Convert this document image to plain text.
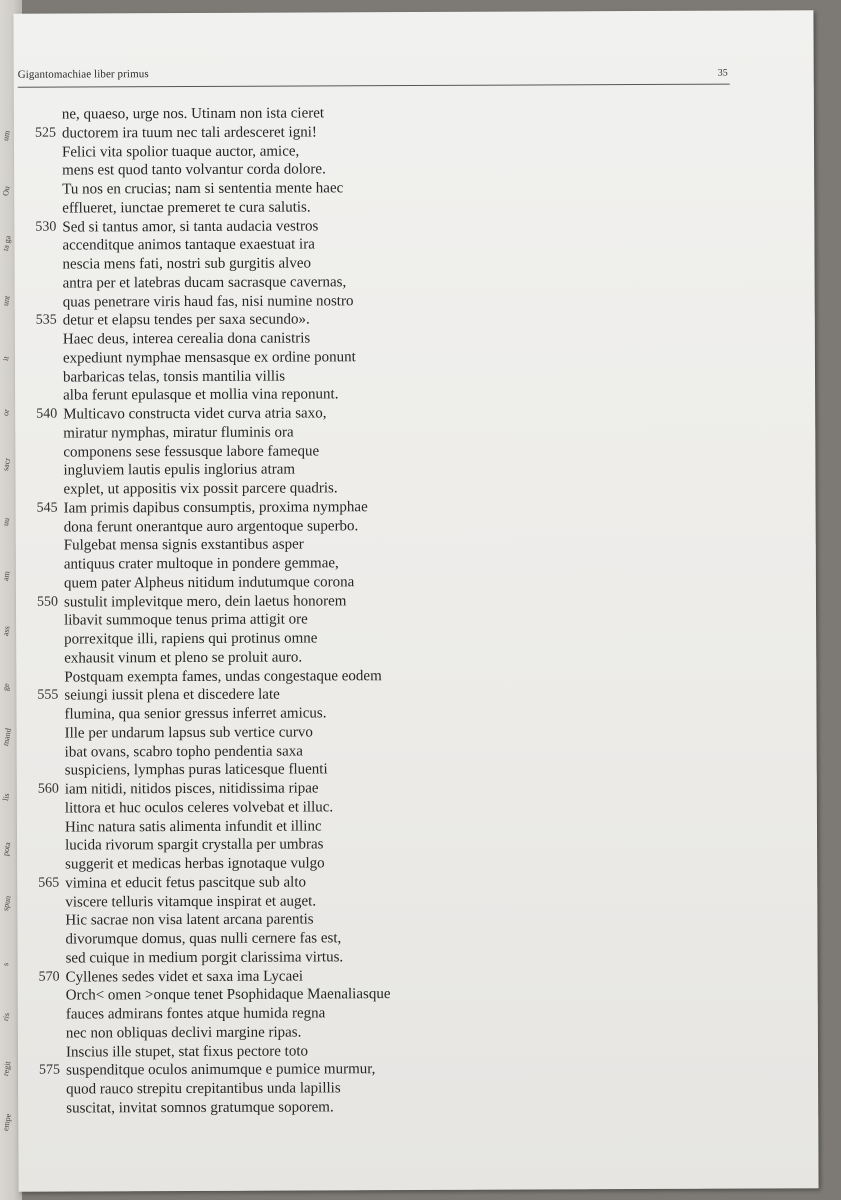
um
Ou
ta ga
unt
it
or
sacr
uu
am
ass
ge
mand
lis
pota
spun
s
ris
regit
empe
Gigantomachiae liber primus	35
ne, quaeso, urge nos. Utinam non ista cieret
525 ductorem ira tuum nec tali ardesceret igni!
Felici vita spolior tuaque auctor, amice,
mens est quod tanto volvantur corda dolore.
Tu nos en crucias; nam si sententia mente haec
efflueret, iunctae premeret te cura salutis.
530 Sed si tantus amor, si tanta audacia vestros
accenditque animos tantaque exaestuat ira
nescia mens fati, nostri sub gurgitis alveo
antra per et latebras ducam sacrasque cavernas,
quas penetrare viris haud fas, nisi numine nostro
535 detur et elapsu tendes per saxa secundo».
Haec deus, interea cerealia dona canistris
expediunt nymphae mensasque ex ordine ponunt
barbaricas telas, tonsis mantilia villis
alba ferunt epulasque et mollia vina reponunt.
540 Multicavo constructa videt curva atria saxo,
miratur nymphas, miratur fluminis ora
componens sese fessusque labore fameque
ingluviem lautis epulis inglorius atram
explet, ut appositis vix possit parcere quadris.
545 Iam primis dapibus consumptis, proxima nymphae
dona ferunt onerantque auro argentoque superbo.
Fulgebat mensa signis exstantibus asper
antiquus crater multoque in pondere gemmae,
quem pater Alpheus nitidum indutumque corona
550 sustulit implevitque mero, dein laetus honorem
libavit summoque tenus prima attigit ore
porrexitque illi, rapiens qui protinus omne
exhausit vinum et pleno se proluit auro.
Postquam exempta fames, undas congestaque eodem
555 seiungi iussit plena et discedere late
flumina, qua senior gressus inferret amicus.
Ille per undarum lapsus sub vertice curvo
ibat ovans, scabro topho pendentia saxa
suspiciens, lymphas puras laticesque fluenti
560 iam nitidi, nitidos pisces, nitidissima ripae
littora et huc oculos celeres volvebat et illuc.
Hinc natura satis alimenta infundit et illinc
lucida rivorum spargit crystalla per umbras
suggerit et medicas herbas ignotaque vulgo
565 vimina et educit fetus pascitque sub alto
viscere telluris vitamque inspirat et auget.
Hic sacrae non visa latent arcana parentis
divorumque domus, quas nulli cernere fas est,
sed cuique in medium porgit clarissima virtus.
570 Cyllenes sedes videt et saxa ima Lycaei
Orch< omen >onque tenet Psophidaque Maenaliasque
fauces admirans fontes atque humida regna
nec non obliquas declivi margine ripas.
Inscius ille stupet, stat fixus pectore toto
575 suspenditque oculos animumque e pumice murmur,
quod rauco strepitu crepitantibus unda lapillis
suscitat, invitat somnos gratumque soporem.
